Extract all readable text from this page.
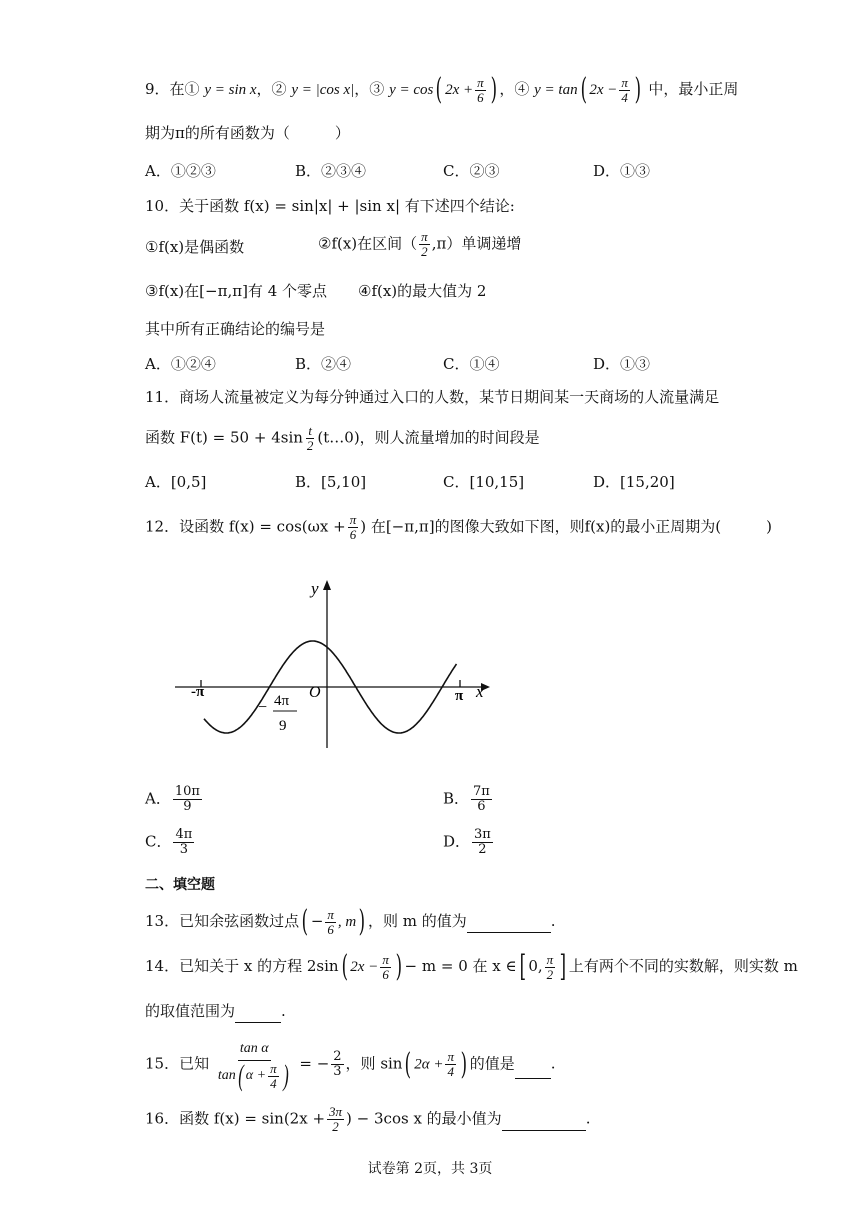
9．在① y = sin x，② y = |cos x|，③ y = cos( $2x + \frac{\pi}{6}$ ) ，④ y = tan( $2x - \frac{\pi}{4}$ ) 中，最小正周
期为π的所有函数为（　　　）
A．①②③	B．②③④	C．②③	D．①③
10．关于函数 f(x) = sin|x| + |sin x| 有下述四个结论:
①f(x)是偶函数	②f(x)在区间（ $\frac{\pi}{2} ,\pi$）单调递增
③f(x)在[−π,π]有 4 个零点 ④f(x)的最大值为 2
其中所有正确结论的编号是
A．①②④	B．②④	C．①④	D．①③
11．商场人流量被定义为每分钟通过入口的人数，某节日期间某一天商场的人流量满足
函数 $F(t) = 50 + 4\sin \frac{t}{2}$ (t…0)，则人流量增加的时间段是
A．[0,5]	B．[5,10]	C．[10,15]	D．[15,20]
12．设函数 $f(x) = \cos(\omega x + \frac{\pi}{6}$ ) 在[−π,π]的图像大致如下图，则f(x)的最小正周期为(　　　)
y
x
O
-π	π
− 4π
9
A． $\frac{10\pi}{9}$	B． $\frac{7\pi}{6}$
C． $\frac{4\pi}{3}$	D． $\frac{3\pi}{2}$
二、填空题
13．已知余弦函数过点( − $\frac{\pi}{6}$ , m) ，则 m 的值为	.
14．已知关于 x 的方程 2sin( $2x - \frac{\pi}{6}$ ) − m = 0 在 x ∈[ 0, $\frac{\pi}{2}$ ] 上有两个不同的实数解，则实数 m
的取值范围为	.
15．已知 $\frac{\text{tan α}}{\tan( \alpha + \frac{\pi}{4} )}$ = − $\frac{2}{3}$ ，则 sin( $2\alpha + \frac{\pi}{4}$ ) 的值是 .
16．函数 $f(x) = \sin(2x + \frac{3\pi}{2}$ ) − 3cos x 的最小值为	.
试卷第 2页，共 3页
